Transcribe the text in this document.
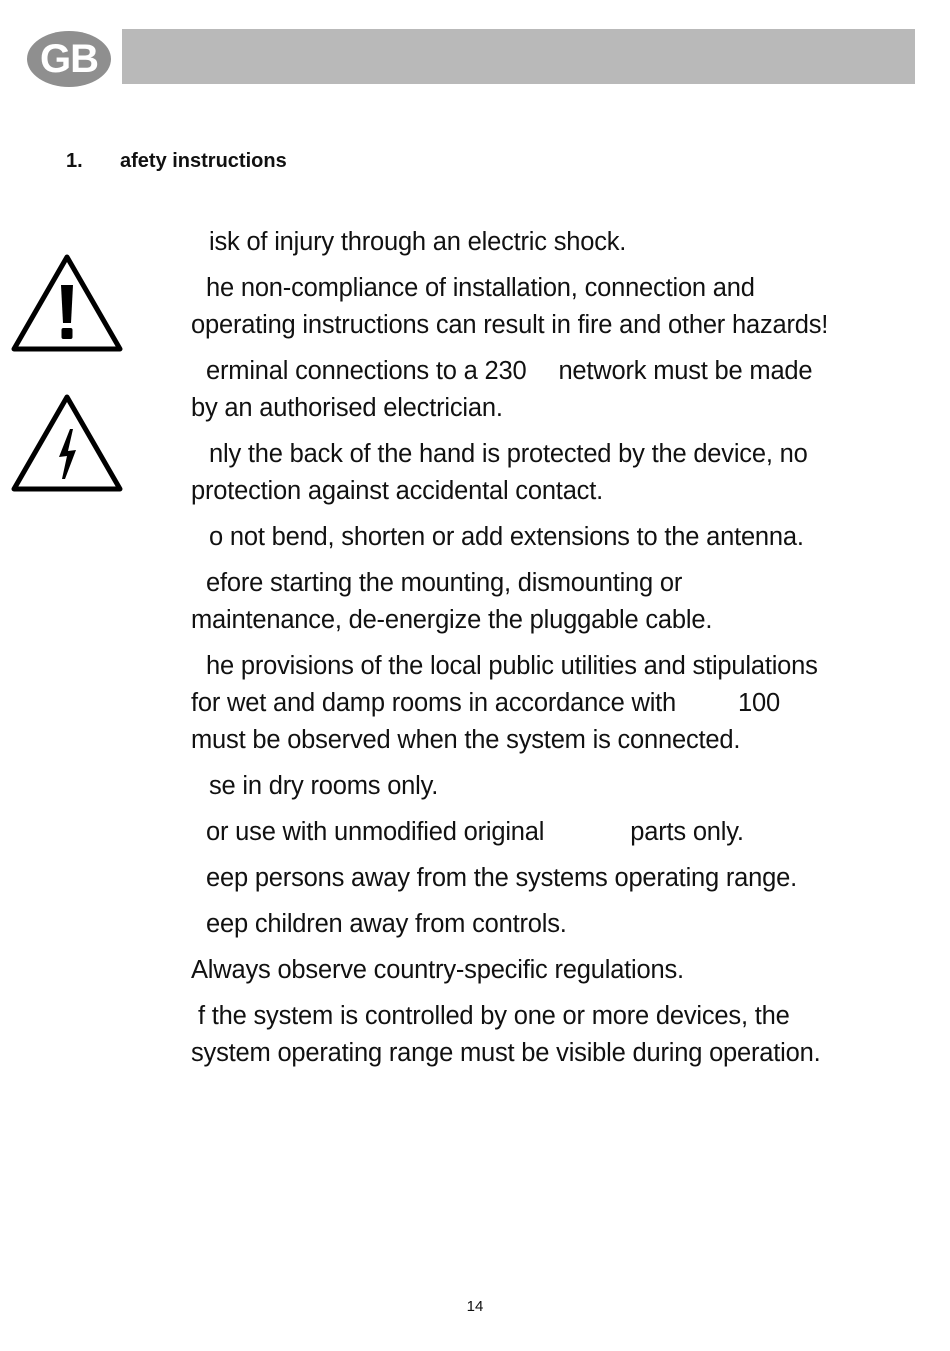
GB
1. afety instructions
isk of injury through an electric shock.
he non-compliance of installation, connection and
operating instructions can result in fire and other hazards!
erminal connections to a 230 network must be made
by an authorised electrician.
nly the back of the hand is protected by the device, no
protection against accidental contact.
o not bend, shorten or add extensions to the antenna.
efore starting the mounting, dismounting or
maintenance, de-energize the pluggable cable.
he provisions of the local public utilities and stipulations
for wet and damp rooms in accordance with 100
must be observed when the system is connected.
se in dry rooms only.
or use with unmodified original	parts only.
eep persons away from the systems operating range.
eep children away from controls.
Always observe country-specific regulations.
f the system is controlled by one or more devices, the
system operating range must be visible during operation.
14
